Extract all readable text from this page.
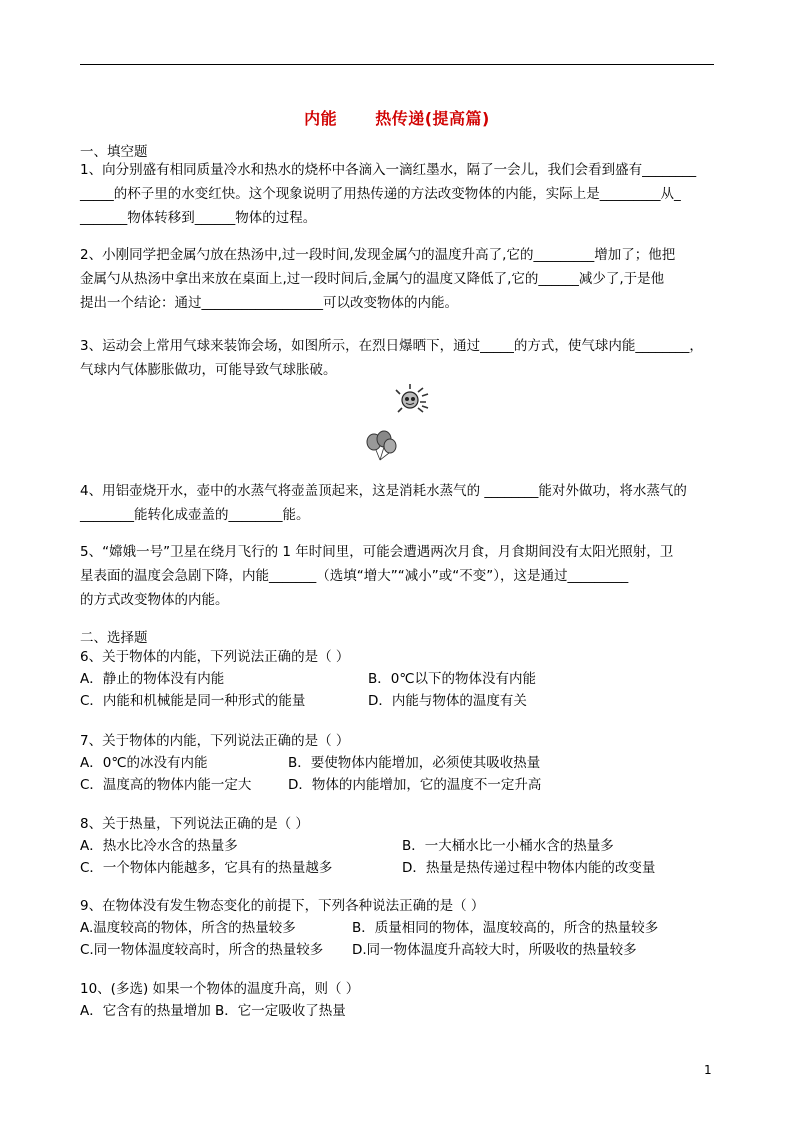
内能 热传递(提高篇)
一、填空题
1、向分别盛有相同质量冷水和热水的烧杯中各滴入一滴红墨水，隔了一会儿，我们会看到盛有________
_____的杯子里的水变红快。这个现象说明了用热传递的方法改变物体的内能，实际上是_________从_
_______物体转移到______物体的过程。
2、小刚同学把金属勺放在热汤中,过一段时间,发现金属勺的温度升高了,它的_________增加了；他把
金属勺从热汤中拿出来放在桌面上,过一段时间后,金属勺的温度又降低了,它的______减少了,于是他
提出一个结论：通过__________________可以改变物体的内能。
3、运动会上常用气球来装饰会场，如图所示，在烈日爆晒下，通过_____的方式，使气球内能________，
气球内气体膨胀做功，可能导致气球胀破。
4、用铝壶烧开水，壶中的水蒸气将壶盖顶起来，这是消耗水蒸气的 ________能对外做功，将水蒸气的
________能转化成壶盖的________能。
5、“嫦娥一号”卫星在绕月飞行的 1 年时间里，可能会遭遇两次月食，月食期间没有太阳光照射，卫
星表面的温度会急剧下降，内能_______（选填“增大”“减小”或“不变”），这是通过_________
的方式改变物体的内能。
二、选择题
6、关于物体的内能，下列说法正确的是（ ）
A．静止的物体没有内能	B．0℃以下的物体没有内能
C．内能和机械能是同一种形式的能量	D．内能与物体的温度有关
7、关于物体的内能，下列说法正确的是（ ）
A．0℃的冰没有内能	B．要使物体内能增加，必须使其吸收热量
C．温度高的物体内能一定大	D．物体的内能增加，它的温度不一定升高
8、关于热量，下列说法正确的是（ ）
A．热水比冷水含的热量多	B．一大桶水比一小桶水含的热量多
C．一个物体内能越多，它具有的热量越多	D．热量是热传递过程中物体内能的改变量
9、在物体没有发生物态变化的前提下，下列各种说法正确的是（ ）
A.温度较高的物体，所含的热量较多	B．质量相同的物体，温度较高的，所含的热量较多
C.同一物体温度较高时，所含的热量较多	D.同一物体温度升高较大时，所吸收的热量较多
10、(多选) 如果一个物体的温度升高，则（ ）
A．它含有的热量增加 B．它一定吸收了热量
1
